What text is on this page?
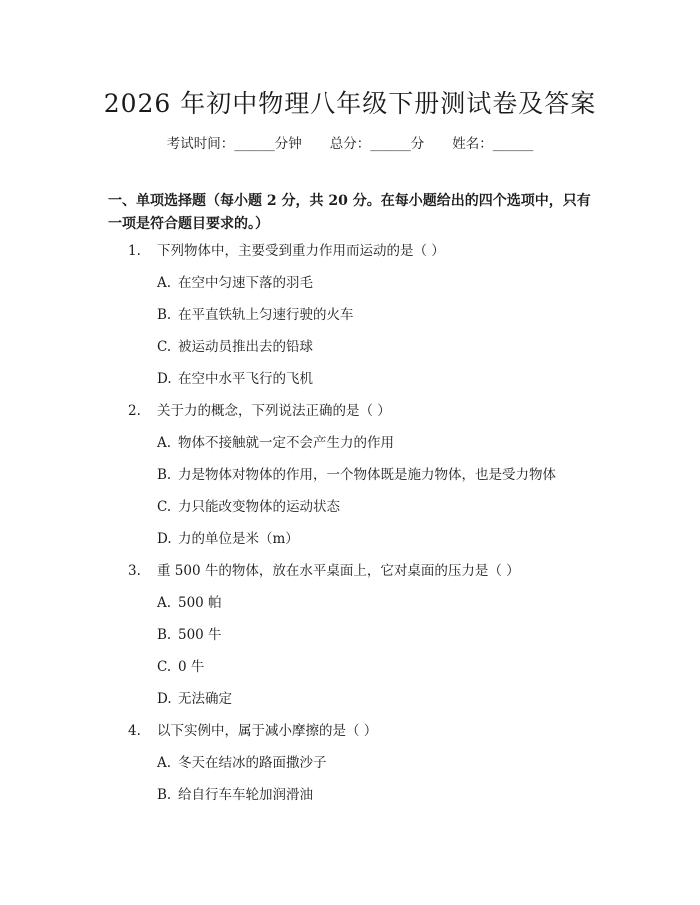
2026 年初中物理八年级下册测试卷及答案
考试时间：______分钟 总分：______分 姓名：______
一、单项选择题（每小题 2 分，共 20 分。在每小题给出的四个选项中，只有一项是符合题目要求的。）
1.	下列物体中，主要受到重力作用而运动的是（ ）
A. 在空中匀速下落的羽毛
B. 在平直铁轨上匀速行驶的火车
C. 被运动员推出去的铅球
D. 在空中水平飞行的飞机
2.	关于力的概念，下列说法正确的是（ ）
A. 物体不接触就一定不会产生力的作用
B. 力是物体对物体的作用，一个物体既是施力物体，也是受力物体
C. 力只能改变物体的运动状态
D. 力的单位是米（m）
3.	重 500 牛的物体，放在水平桌面上，它对桌面的压力是（ ）
A. 500 帕
B. 500 牛
C. 0 牛
D. 无法确定
4.	以下实例中，属于减小摩擦的是（ ）
A. 冬天在结冰的路面撒沙子
B. 给自行车车轮加润滑油
